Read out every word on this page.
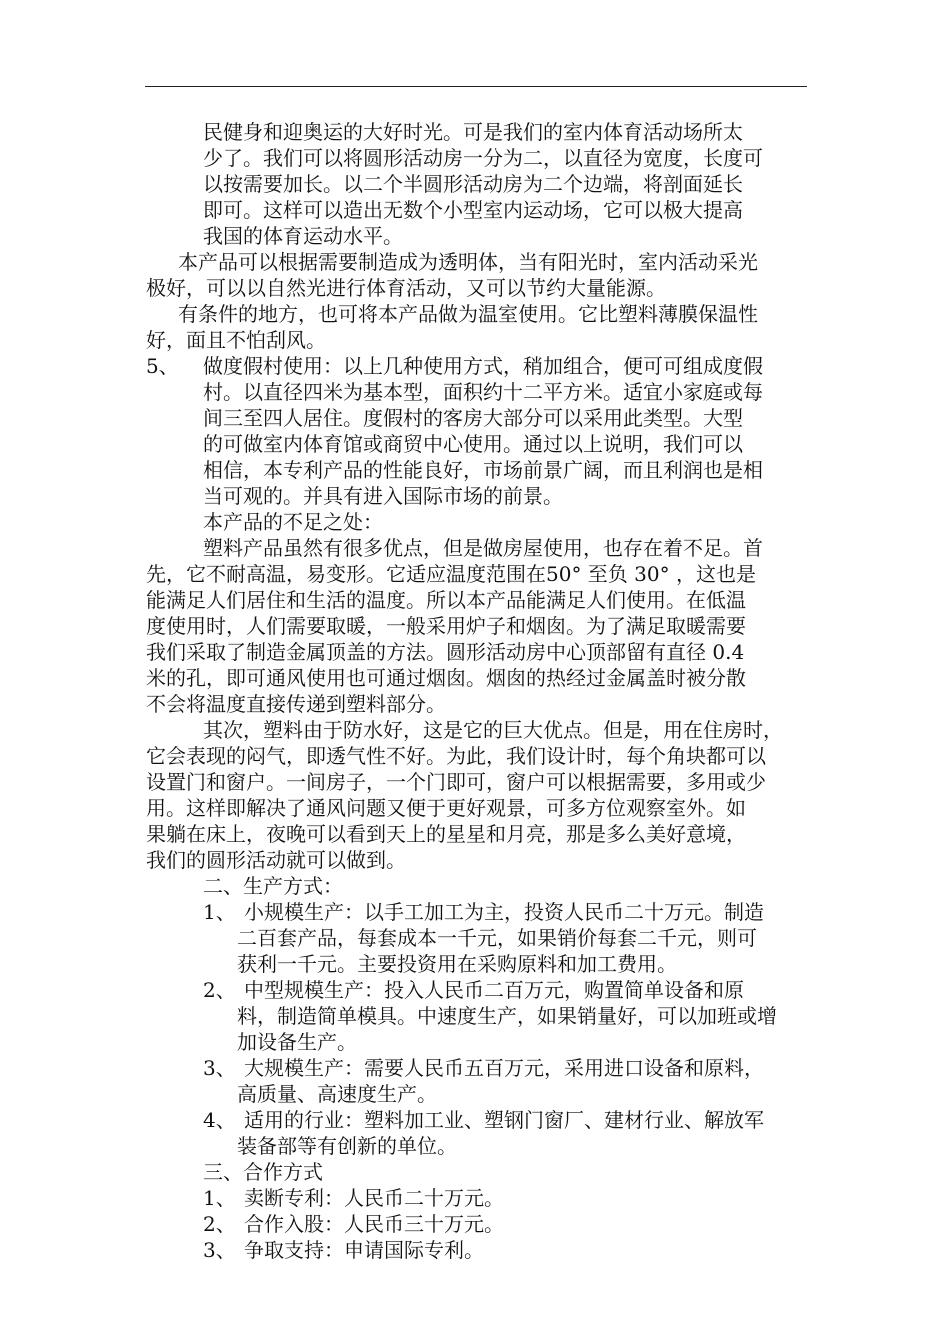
民健身和迎奥运的大好时光。可是我们的室内体育活动场所太
少了。我们可以将圆形活动房一分为二，以直径为宽度，长度可
以按需要加长。以二个半圆形活动房为二个边端，将剖面延长
即可。这样可以造出无数个小型室内运动场，它可以极大提高
我国的体育运动水平。
本产品可以根据需要制造成为透明体，当有阳光时，室内活动采光
极好，可以以自然光进行体育活动，又可以节约大量能源。
有条件的地方，也可将本产品做为温室使用。它比塑料薄膜保温性
好，面且不怕刮风。
5、 做度假村使用：以上几种使用方式，稍加组合，便可可组成度假
村。以直径四米为基本型，面积约十二平方米。适宜小家庭或每
间三至四人居住。度假村的客房大部分可以采用此类型。大型
的可做室内体育馆或商贸中心使用。通过以上说明，我们可以
相信，本专利产品的性能良好，市场前景广阔，而且利润也是相
当可观的。并具有进入国际市场的前景。
本产品的不足之处：
塑料产品虽然有很多优点，但是做房屋使用，也存在着不足。首
先，它不耐高温，易变形。它适应温度范围在50° 至负 30° ，这也是
能满足人们居住和生活的温度。所以本产品能满足人们使用。在低温
度使用时，人们需要取暖，一般采用炉子和烟囱。为了满足取暖需要
我们采取了制造金属顶盖的方法。圆形活动房中心顶部留有直径 0.4
米的孔，即可通风使用也可通过烟囱。烟囱的热经过金属盖时被分散
不会将温度直接传递到塑料部分。
其次，塑料由于防水好，这是它的巨大优点。但是，用在住房时，
它会表现的闷气，即透气性不好。为此，我们设计时，每个角块都可以
设置门和窗户。一间房子，一个门即可，窗户可以根据需要，多用或少
用。这样即解决了通风问题又便于更好观景，可多方位观察室外。如
果躺在床上，夜晚可以看到天上的星星和月亮，那是多么美好意境，
我们的圆形活动就可以做到。
二、生产方式：
1、 小规模生产：以手工加工为主，投资人民币二十万元。制造
二百套产品，每套成本一千元，如果销价每套二千元，则可
获利一千元。主要投资用在采购原料和加工费用。
2、 中型规模生产：投入人民币二百万元，购置简单设备和原
料，制造简单模具。中速度生产，如果销量好，可以加班或增
加设备生产。
3、 大规模生产：需要人民币五百万元，采用进口设备和原料，
高质量、高速度生产。
4、 适用的行业：塑料加工业、塑钢门窗厂、建材行业、解放军
装备部等有创新的单位。
三、合作方式
1、 卖断专利：人民币二十万元。
2、 合作入股：人民币三十万元。
3、 争取支持：申请国际专利。
